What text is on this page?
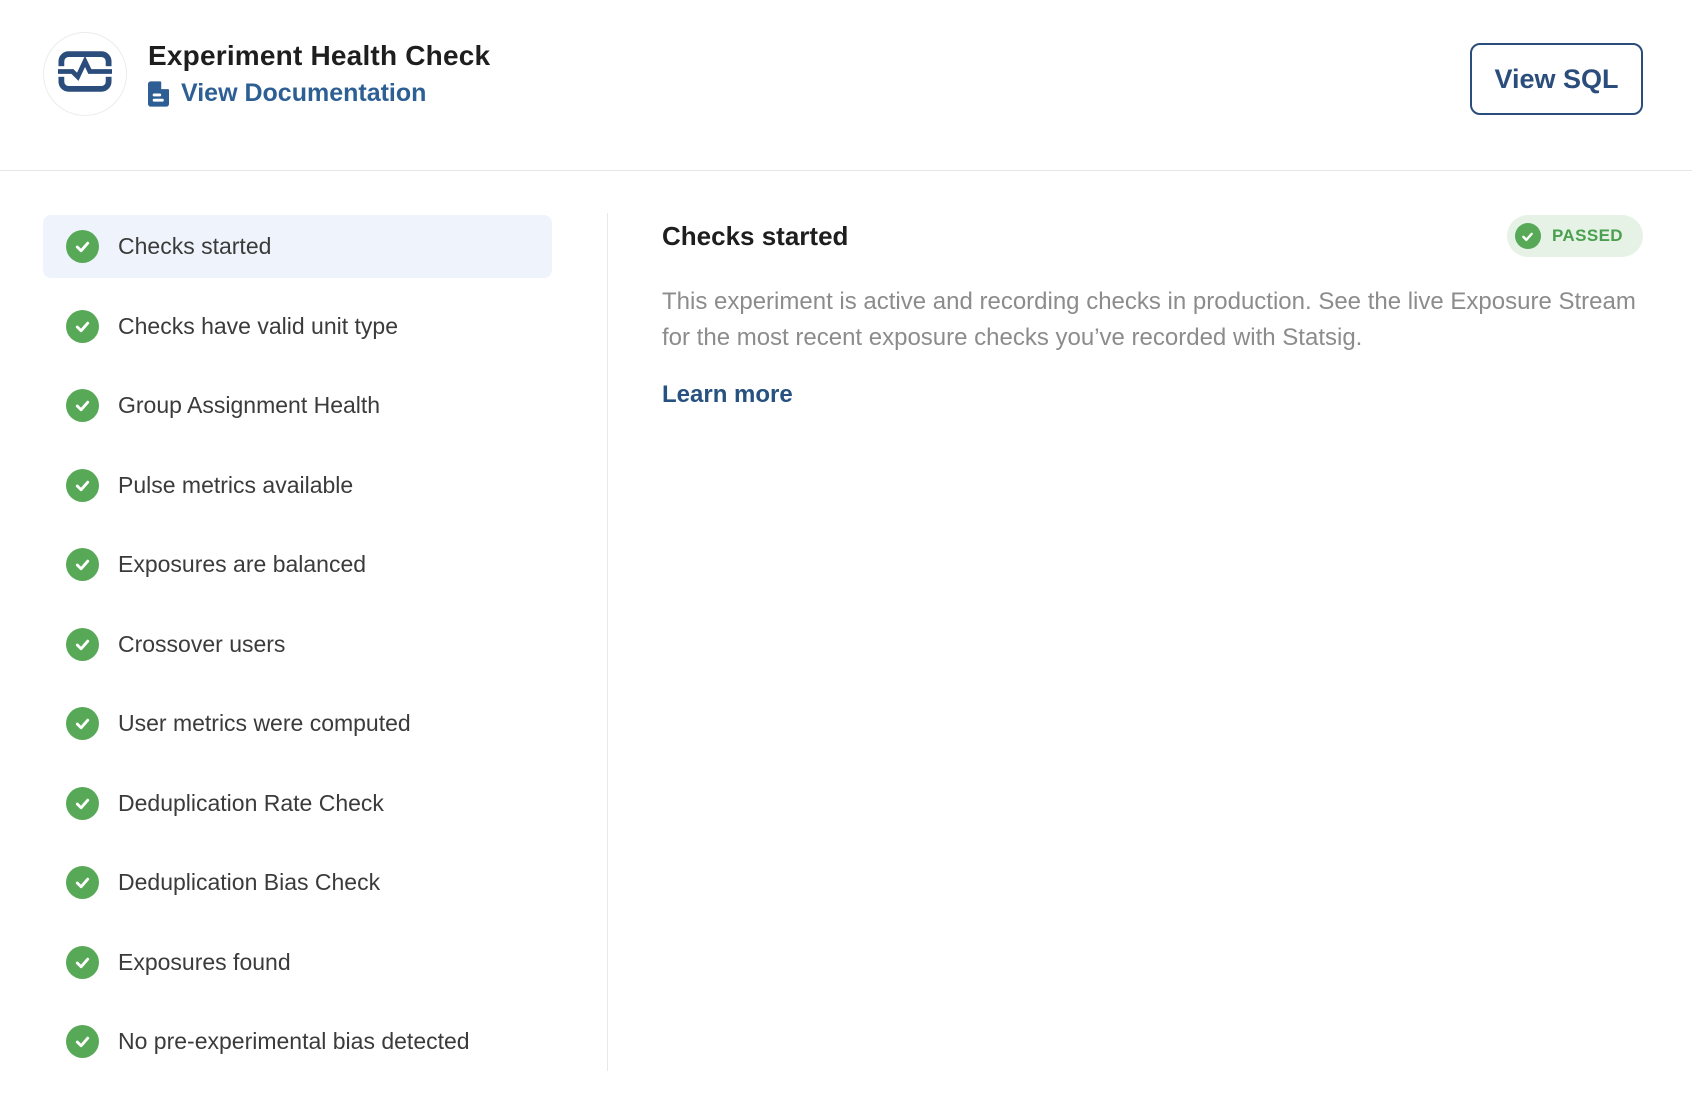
Experiment Health Check
View Documentation	View SQL
Checks started
Checks have valid unit type
Group Assignment Health
Pulse metrics available
Exposures are balanced
Crossover users
User metrics were computed
Deduplication Rate Check
Deduplication Bias Check
Exposures found
No pre-experimental bias detected
Checks started	PASSED
This experiment is active and recording checks in production. See the live Exposure Stream for the most recent exposure checks you’ve recorded with Statsig.
Learn more
